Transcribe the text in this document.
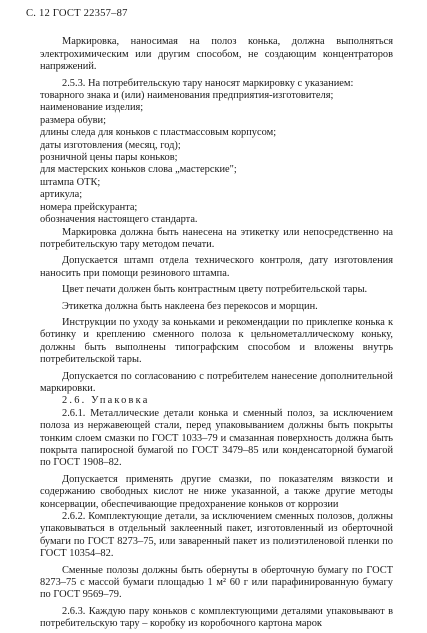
С. 12 ГОСТ 22357–87

Маркировка, наносимая на полоз конька, должна выполняться электрохимическим или другим способом, не создающим концентраторов напряжений.

2.5.3. На потребительскую тару наносят маркировку с указанием:

товарного знака и (или) наименования предприятия-изготовителя;
наименование изделия;
размера обуви;
длины следа для коньков с пластмассовым корпусом;
даты изготовления (месяц, год);
розничной цены пары коньков;
для мастерских коньков слова „мастерские";
штампа ОТК;
артикула;
номера прейскуранта;
обозначения настоящего стандарта.

Маркировка должна быть нанесена на этикетку или непосредственно на потребительскую тару методом печати.

Допускается штамп отдела технического контроля, дату изготовления наносить при помощи резинового штампа.

Цвет печати должен быть контрастным цвету потребительской тары.

Этикетка должна быть наклеена без перекосов и морщин.

Инструкции по уходу за коньками и рекомендации по приклепке конька к ботинку и креплению сменного полоза к цельнометаллическому коньку, должны быть выполнены типографским способом и вложены внутрь потребительской тары.

Допускается по согласованию с потребителем нанесение дополнительной маркировки.

2.6. Упаковка

2.6.1. Металлические детали конька и сменный полоз, за исключением полоза из нержавеющей стали, перед упаковыванием должны быть покрыты тонким слоем смазки по ГОСТ 1033–79 и смазанная поверхность должна быть покрыта папиросной бумагой по ГОСТ 3479–85 или конденсаторной бумагой по ГОСТ 1908–82.

Допускается применять другие смазки, по показателям вязкости и содержанию свободных кислот не ниже указанной, а также другие методы консервации, обеспечивающие предохранение коньков от коррозии

2.6.2. Комплектующие детали, за исключением сменных полозов, должны упаковываться в отдельный заклеенный пакет, изготовленный из оберточной бумаги по ГОСТ 8273–75, или заваренный пакет из полиэтиленовой пленки по ГОСТ 10354–82.

Сменные полозы должны быть обернуты в оберточную бумагу по ГОСТ 8273–75 с массой бумаги площадью 1 м² 60 г или парафинированную бумагу по ГОСТ 9569–79.

2.6.3. Каждую пару коньков с комплектующими деталями упаковывают в потребительскую тару – коробку из коробочного картона марок
